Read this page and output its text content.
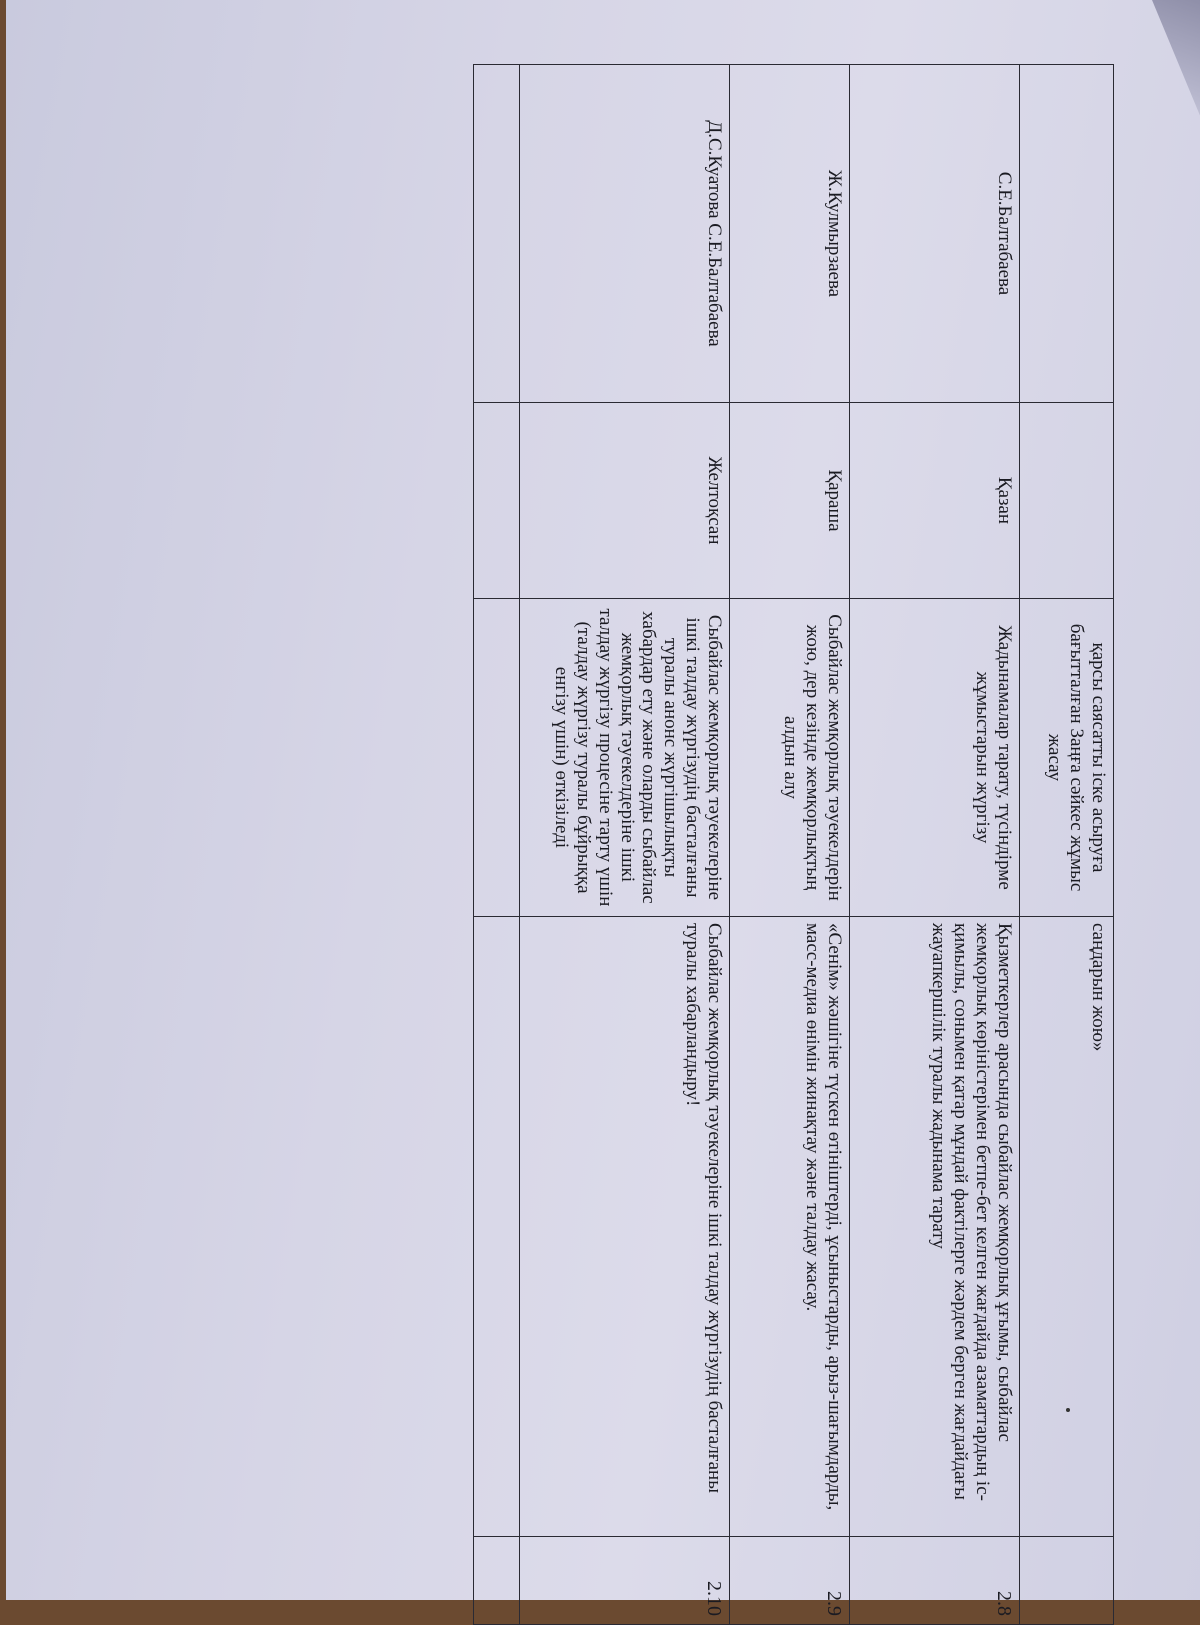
		қарсы саясатты іске асыруға бағытталған Заңға сәйкес жұмыс жасау	саңдарын жою»	
С.Е.Балтабаева	Қазан	Жадынамалар тарату, түсіндірме жұмыстарын жүргізу	Қызметкерлер арасында сыбайлас жемқорлық ұғымы, сыбайлас жемқорлық көріністерімен бетпе-бет келген жағдайда азаматтардың іс-қимылы, сонымен қатар мұндай фактілерге жәрдем берген жағдайдағы жауапкершілік туралы жадынама тарату	2.8
Ж.Кулмырзаева	Қараша	Сыбайлас жемқорлық тәуекелдерін жою, дер кезінде жемқорлықтың алдын алу	«Сенім» жәшігіне түскен өтініштерді, ұсыныстарды, арыз-шағымдарды, масс-медиа өнімін жинақтау және талдау жасау.	2.9
Д.С.Куатова С.Е.Балтабаева	Желтоқсан	Сыбайлас жемқорлық тәуекелеріне ішкі талдау жүргізудің басталғаны туралы анонс жүргішылықты хабардар ету және оларды сыбайлас жемқорлық тәуекелдеріне ішкі талдау жүргізу процесіне тарту үшін (талдау жүргізу туралы бұйрыққа енгізу үшін) өткізіледі	Сыбайлас жемқорлық тәуекелеріне ішкі талдау жүргізудің басталғаны туралы хабарландыру!	2.10
